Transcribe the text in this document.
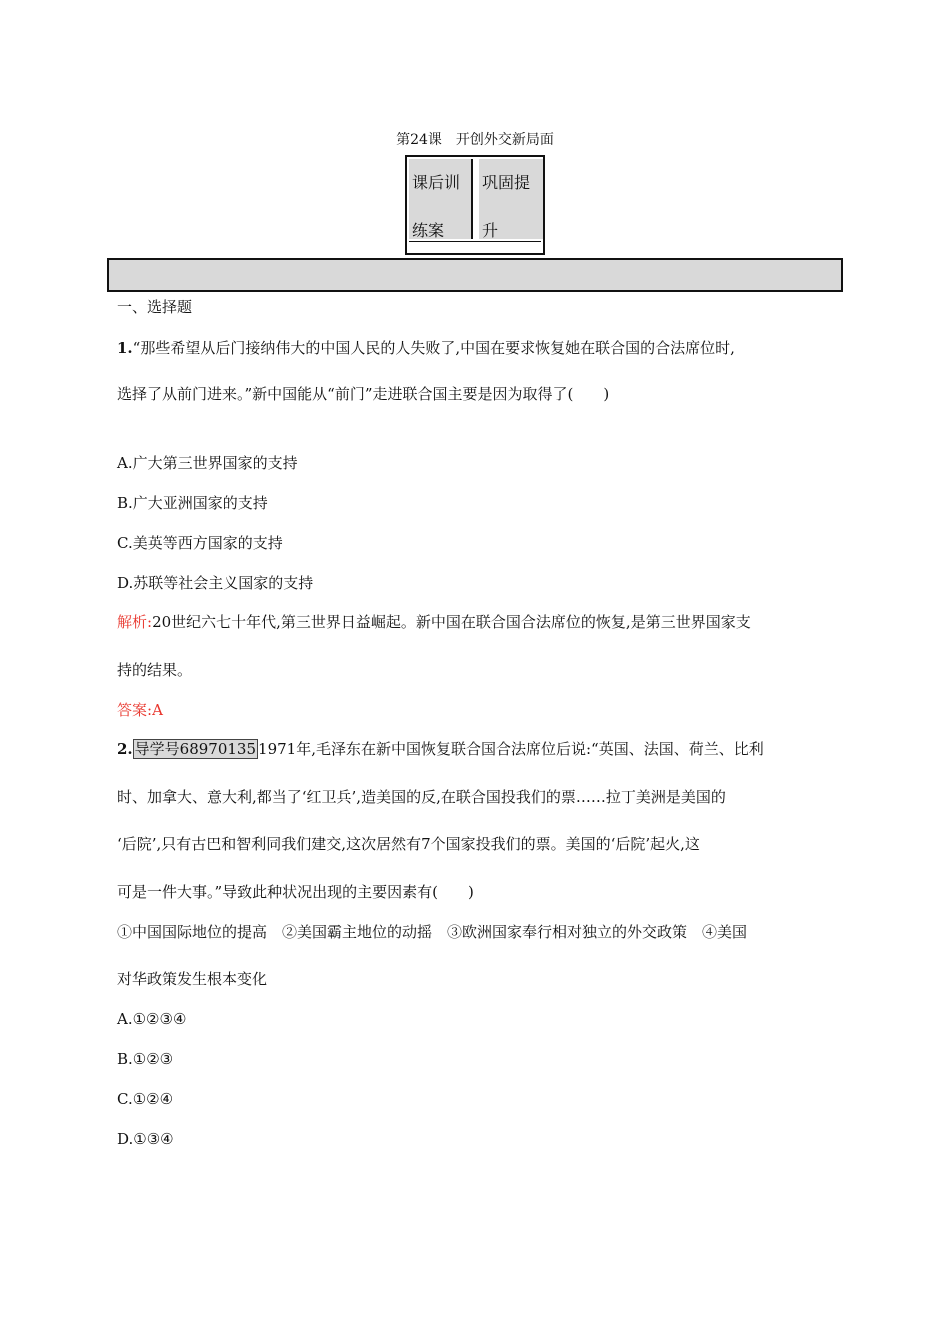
第24课　开创外交新局面
课后训
练案
巩固提
升
一、选择题
1.“那些希望从后门接纳伟大的中国人民的人失败了,中国在要求恢复她在联合国的合法席位时,
选择了从前门进来。”新中国能从“前门”走进联合国主要是因为取得了(　　)
A.广大第三世界国家的支持
B.广大亚洲国家的支持
C.美英等西方国家的支持
D.苏联等社会主义国家的支持
解析:20世纪六七十年代,第三世界日益崛起。新中国在联合国合法席位的恢复,是第三世界国家支
持的结果。
答案:A
2. 导学号68970135 1971年,毛泽东在新中国恢复联合国合法席位后说:“英国、法国、荷兰、比利
时、加拿大、意大利,都当了‘红卫兵’,造美国的反,在联合国投我们的票……拉丁美洲是美国的
‘后院’,只有古巴和智利同我们建交,这次居然有7个国家投我们的票。美国的‘后院’起火,这
可是一件大事。”导致此种状况出现的主要因素有(　　)
①中国国际地位的提高　②美国霸主地位的动摇　③欧洲国家奉行相对独立的外交政策　④美国
对华政策发生根本变化
A.①②③④
B.①②③
C.①②④
D.①③④
